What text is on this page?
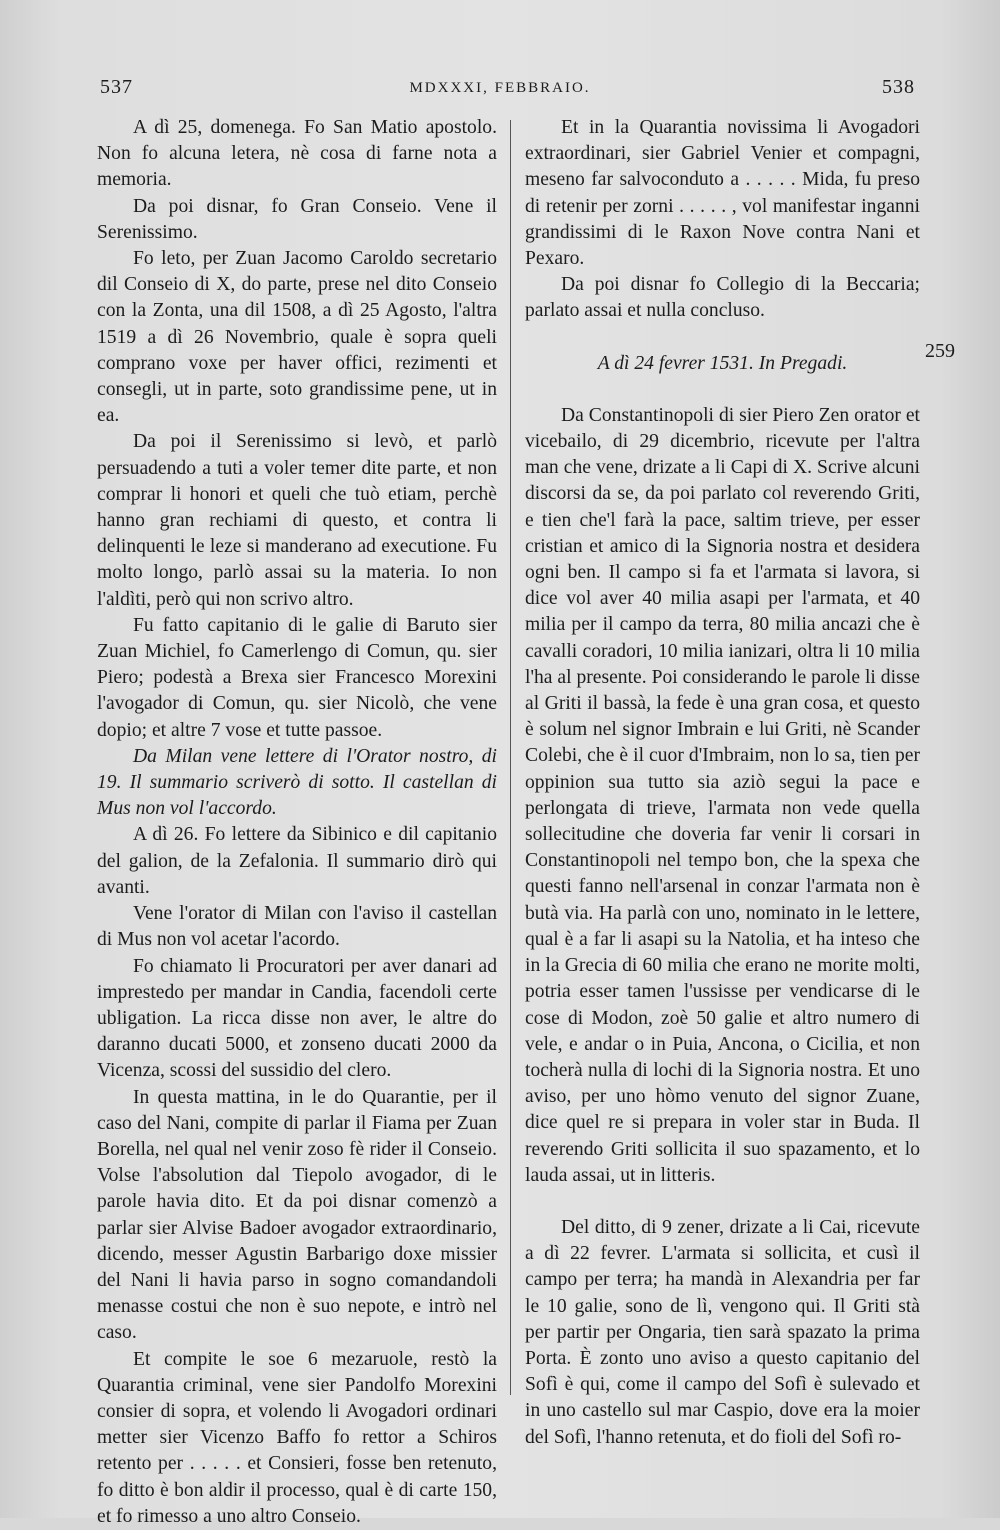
537	MDXXXI, FEBBRAIO.	538
259

A dì 25, domenega. Fo San Matio apostolo. Non fo alcuna letera, nè cosa di farne nota a memoria.

Da poi disnar, fo Gran Conseio. Vene il Serenissimo.

Fo leto, per Zuan Jacomo Caroldo secretario dil Conseio di X, do parte, prese nel dito Conseio con la Zonta, una dil 1508, a dì 25 Agosto, l'altra 1519 a dì 26 Novembrio, quale è sopra queli comprano voxe per haver offici, rezimenti et consegli, ut in parte, soto grandissime pene, ut in ea.

Da poi il Serenissimo si levò, et parlò persuadendo a tuti a voler temer dite parte, et non comprar li honori et queli che tuò etiam, perchè hanno gran rechiami di questo, et contra li delinquenti le leze si manderano ad executione. Fu molto longo, parlò assai su la materia. Io non l'aldìti, però qui non scrivo altro.

Fu fatto capitanio di le galie di Baruto sier Zuan Michiel, fo Camerlengo di Comun, qu. sier Piero; podestà a Brexa sier Francesco Morexini l'avogador di Comun, qu. sier Nicolò, che vene dopio; et altre 7 vose et tutte passoe.

Da Milan vene lettere di l'Orator nostro, di 19. Il summario scriverò di sotto. Il castellan di Mus non vol l'accordo.

A dì 26. Fo lettere da Sibinico e dil capitanio del galion, de la Zefalonia. Il summario dirò qui avanti.

Vene l'orator di Milan con l'aviso il castellan di Mus non vol acetar l'acordo.

Fo chiamato li Procuratori per aver danari ad imprestedo per mandar in Candia, facendoli certe ubligation. La ricca disse non aver, le altre do daranno ducati 5000, et zonseno ducati 2000 da Vicenza, scossi del sussidio del clero.

In questa mattina, in le do Quarantie, per il caso del Nani, compite di parlar il Fiama per Zuan Borella, nel qual nel venir zoso fè rider il Conseio. Volse l'absolution dal Tiepolo avogador, di le parole havia dito. Et da poi disnar comenzò a parlar sier Alvise Badoer avogador extraordinario, dicendo, messer Agustin Barbarigo doxe missier del Nani li havia parso in sogno comandandoli menasse costui che non è suo nepote, e intrò nel caso.

Et compite le soe 6 mezaruole, restò la Quarantia criminal, vene sier Pandolfo Morexini consier di sopra, et volendo li Avogadori ordinari metter sier Vicenzo Baffo fo rettor a Schiros retento per . . . . . et Consieri, fosse ben retenuto, fo ditto è bon aldir il processo, qual è di carte 150, et fo rimesso a uno altro Conseio.

Et in la Quarantia novissima li Avogadori extraordinari, sier Gabriel Venier et compagni, meseno far salvoconduto a . . . . . Mida, fu preso di retenir per zorni . . . . . , vol manifestar inganni grandissimi di le Raxon Nove contra Nani et Pexaro.

Da poi disnar fo Collegio di la Beccaria; parlato assai et nulla concluso.

A dì 24 fevrer 1531. In Pregadi.

Da Constantinopoli di sier Piero Zen orator et vicebailo, di 29 dicembrio, ricevute per l'altra man che vene, drizate a li Capi di X. Scrive alcuni discorsi da se, da poi parlato col reverendo Griti, e tien che'l farà la pace, saltim trieve, per esser cristian et amico di la Signoria nostra et desidera ogni ben. Il campo si fa et l'armata si lavora, si dice vol aver 40 milia asapi per l'armata, et 40 milia per il campo da terra, 80 milia ancazi che è cavalli coradori, 10 milia ianizari, oltra li 10 milia l'ha al presente. Poi considerando le parole li disse al Griti il bassà, la fede è una gran cosa, et questo è solum nel signor Imbrain e lui Griti, nè Scander Colebi, che è il cuor d'Imbraim, non lo sa, tien per oppinion sua tutto sia aziò segui la pace e perlongata di trieve, l'armata non vede quella sollecitudine che doveria far venir li corsari in Constantinopoli nel tempo bon, che la spexa che questi fanno nell'arsenal in conzar l'armata non è butà via. Ha parlà con uno, nominato in le lettere, qual è a far li asapi su la Natolia, et ha inteso che in la Grecia di 60 milia che erano ne morite molti, potria esser tamen l'ussisse per vendicarse di le cose di Modon, zoè 50 galie et altro numero di vele, e andar o in Puia, Ancona, o Cicilia, et non tocherà nulla di lochi di la Signoria nostra. Et uno aviso, per uno hòmo venuto del signor Zuane, dice quel re si prepara in voler star in Buda. Il reverendo Griti sollicita il suo spazamento, et lo lauda assai, ut in litteris.

Del ditto, di 9 zener, drizate a li Cai, ricevute a dì 22 fevrer. L'armata si sollicita, et cusì il campo per terra; ha mandà in Alexandria per far le 10 galie, sono de lì, vengono qui. Il Griti stà per partir per Ongaria, tien sarà spazato la prima Porta. È zonto uno aviso a questo capitanio del Sofì è qui, come il campo del Sofì è sulevado et in uno castello sul mar Caspio, dove era la moier del Sofì, l'hanno retenuta, et do fioli del Sofì ro-
